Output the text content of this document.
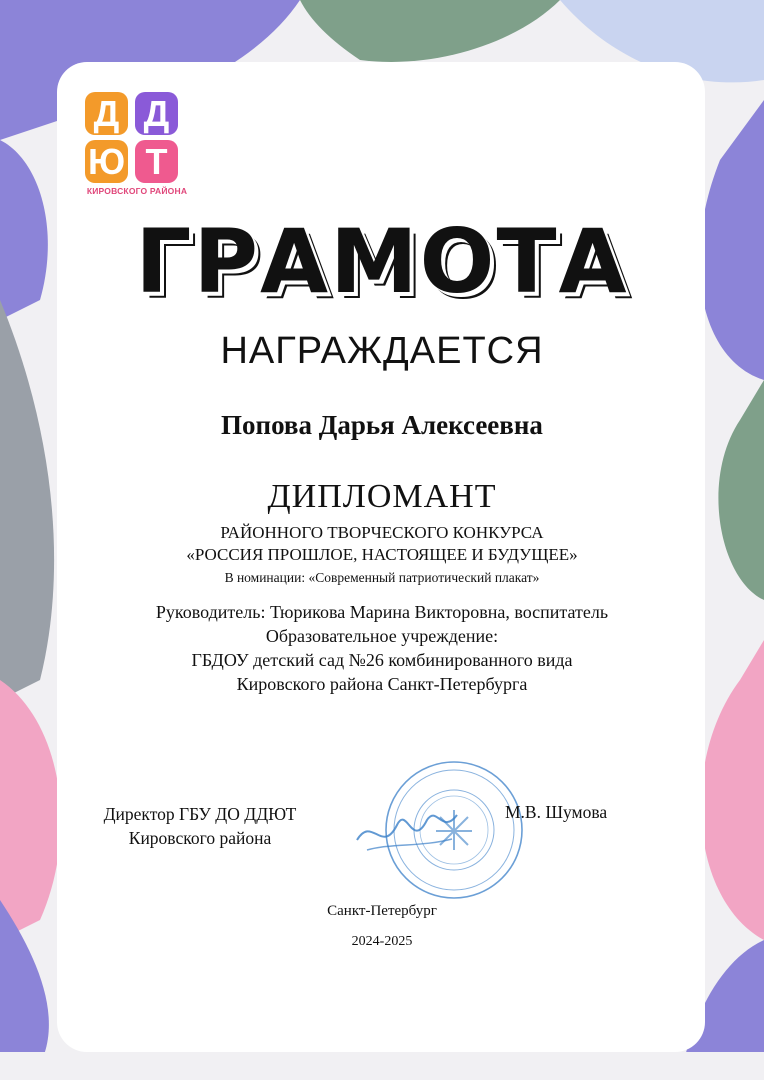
Д Д
Ю Т
КИРОВСКОГО РАЙОНА
ГРАМОТА
НАГРАЖДАЕТСЯ
Попова Дарья Алексеевна
ДИПЛОМАНТ
РАЙОННОГО ТВОРЧЕСКОГО КОНКУРСА
«РОССИЯ ПРОШЛОЕ, НАСТОЯЩЕЕ И БУДУЩЕЕ»
В номинации: «Современный патриотический плакат»
Руководитель: Тюрикова Марина Викторовна, воспитатель
Образовательное учреждение:
ГБДОУ детский сад №26 комбинированного вида
Кировского района Санкт-Петербурга
Директор ГБУ ДО ДДЮТ
Кировского района
М.В. Шумова
Санкт-Петербург
2024-2025
